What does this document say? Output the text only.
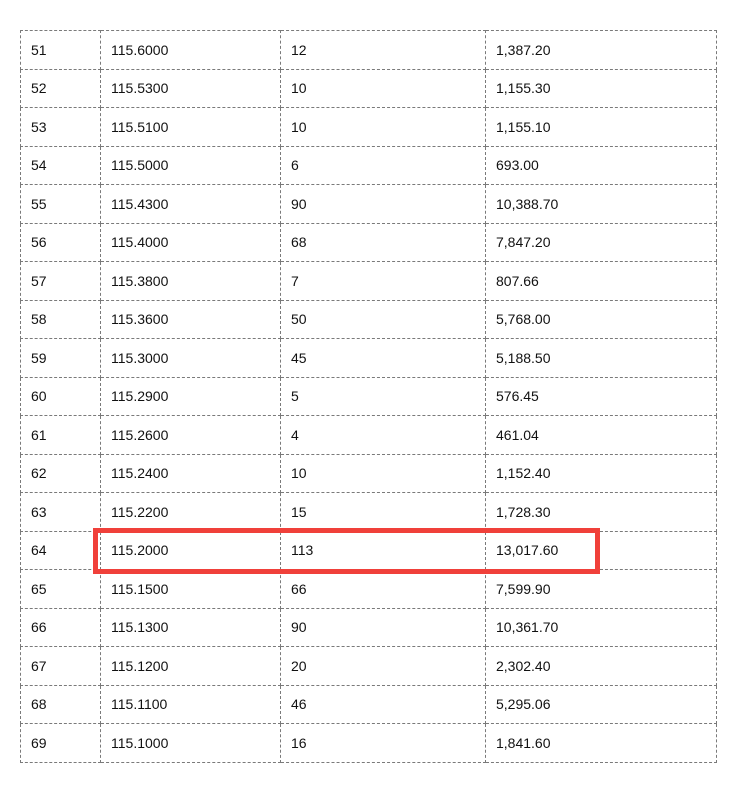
51	115.6000	12	1,387.20
52	115.5300	10	1,155.30
53	115.5100	10	1,155.10
54	115.5000	6	693.00
55	115.4300	90	10,388.70
56	115.4000	68	7,847.20
57	115.3800	7	807.66
58	115.3600	50	5,768.00
59	115.3000	45	5,188.50
60	115.2900	5	576.45
61	115.2600	4	461.04
62	115.2400	10	1,152.40
63	115.2200	15	1,728.30
64	115.2000	113	13,017.60
65	115.1500	66	7,599.90
66	115.1300	90	10,361.70
67	115.1200	20	2,302.40
68	115.1100	46	5,295.06
69	115.1000	16	1,841.60
